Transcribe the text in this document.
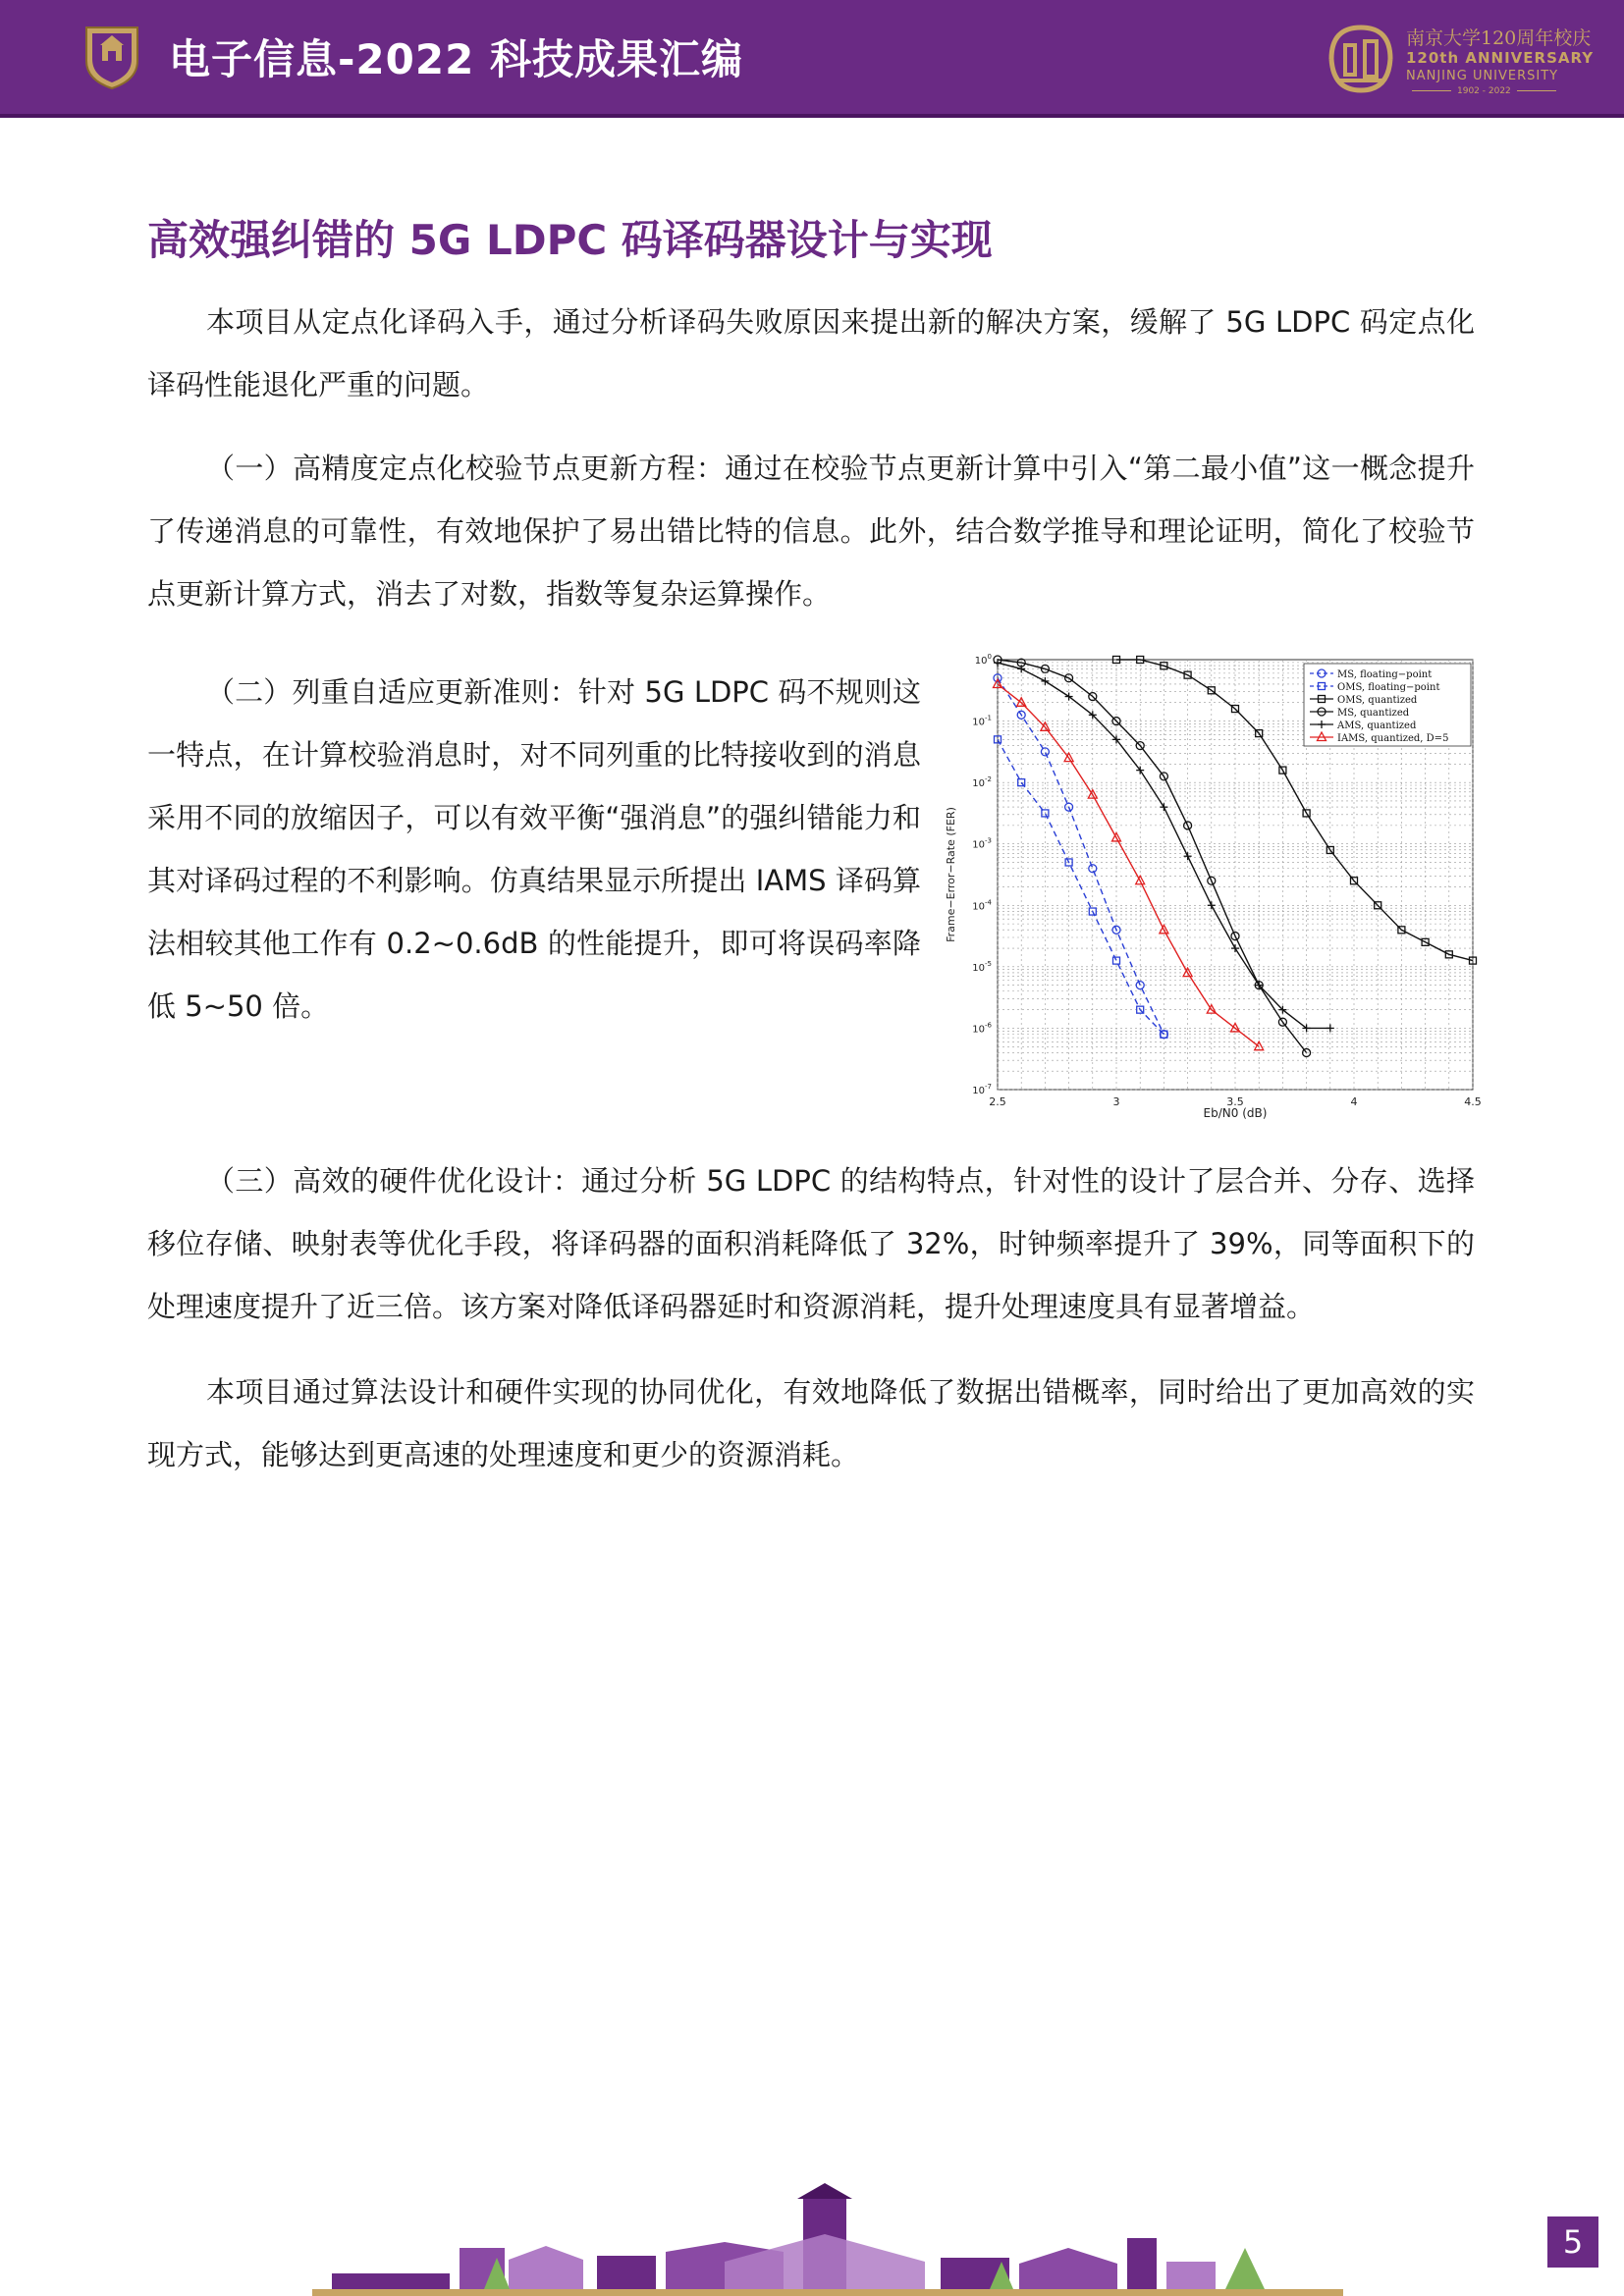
电子信息-2022 科技成果汇编	南京大学120周年校庆
120th ANNIVERSARY
NANJING UNIVERSITY
1902 - 2022
高效强纠错的 5G LDPC 码译码器设计与实现

本项目从定点化译码入手，通过分析译码失败原因来提出新的解决方案，缓解了 5G LDPC 码定点化译码性能退化严重的问题。

（一）高精度定点化校验节点更新方程：通过在校验节点更新计算中引入“第二最小值”这一概念提升了传递消息的可靠性，有效地保护了易出错比特的信息。此外，结合数学推导和理论证明，简化了校验节点更新计算方式，消去了对数，指数等复杂运算操作。

（二）列重自适应更新准则：针对 5G LDPC 码不规则这一特点，在计算校验消息时，对不同列重的比特接收到的消息采用不同的放缩因子，可以有效平衡“强消息”的强纠错能力和其对译码过程的不利影响。仿真结果显示所提出 IAMS 译码算法相较其他工作有 0.2~0.6dB 的性能提升，即可将误码率降低 5~50 倍。

（三）高效的硬件优化设计：通过分析 5G LDPC 的结构特点，针对性的设计了层合并、分存、选择移位存储、映射表等优化手段，将译码器的面积消耗降低了 32%，时钟频率提升了 39%，同等面积下的处理速度提升了近三倍。该方案对降低译码器延时和资源消耗，提升处理速度具有显著增益。

本项目通过算法设计和硬件实现的协同优化，有效地降低了数据出错概率，同时给出了更加高效的实现方式，能够达到更高速的处理速度和更少的资源消耗。

2.5	3	3.5	4	4.5
$10^0$
$10^{-1}$
$10^{-2}$
$10^{-3}$
$10^{-4}$
$10^{-5}$
$10^{-6}$
$10^{-7}$
Eb/N0 (dB)
Frame−Error−Rate (FER)
MS, floating−point
OMS, floating−point
OMS, quantized
MS, quantized
AMS, quantized
IAMS, quantized, D=5
5
